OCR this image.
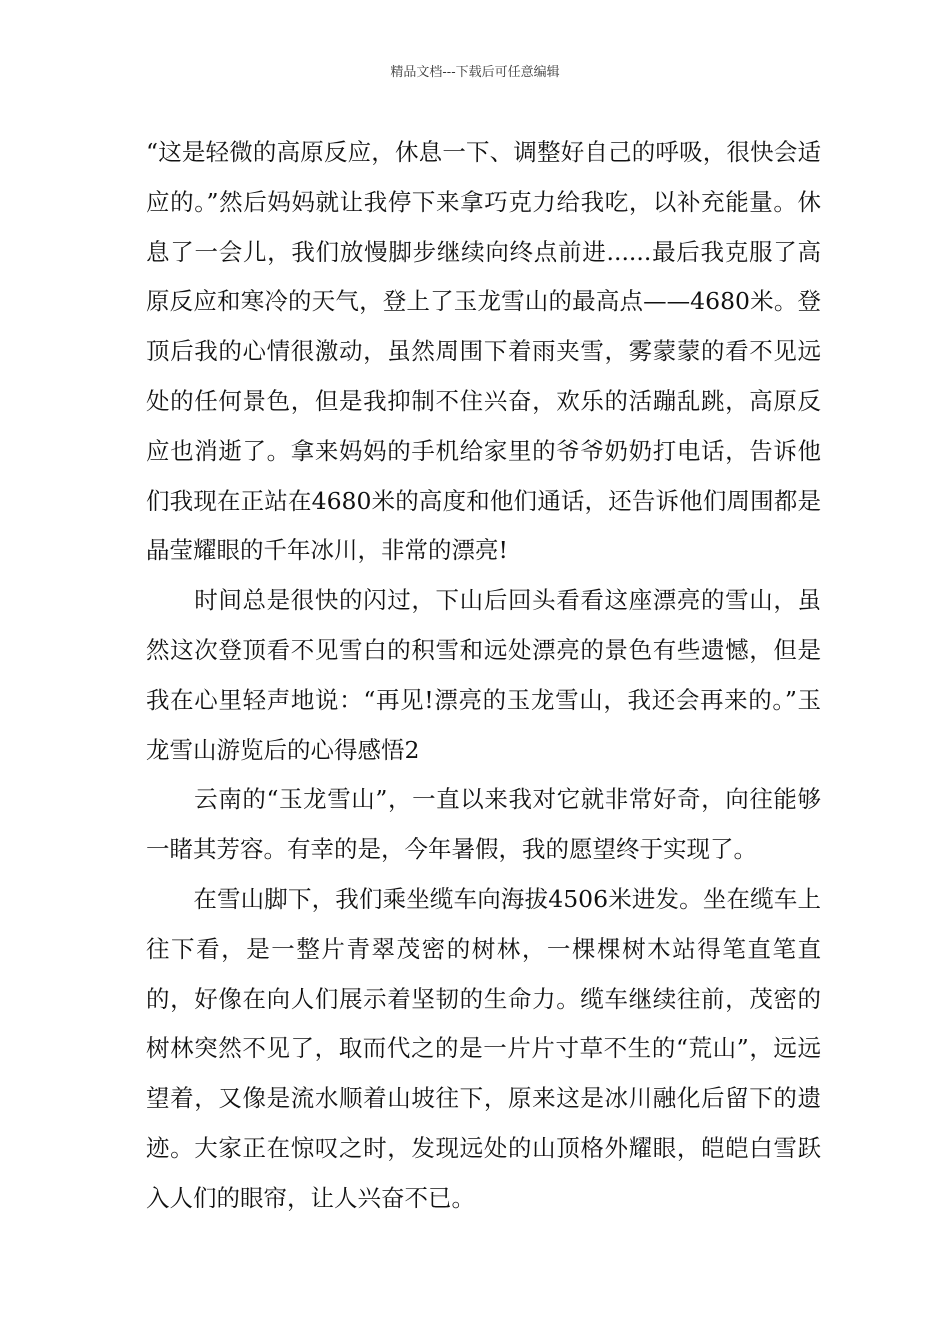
精品文档---下载后可任意编辑

“这是轻微的高原反应，休息一下、调整好自己的呼吸，很快会适应的。”然后妈妈就让我停下来拿巧克力给我吃，以补充能量。休息了一会儿，我们放慢脚步继续向终点前进......最后我克服了高原反应和寒冷的天气，登上了玉龙雪山的最高点——4680米。登顶后我的心情很激动，虽然周围下着雨夹雪，雾蒙蒙的看不见远处的任何景色，但是我抑制不住兴奋，欢乐的活蹦乱跳，高原反应也消逝了。拿来妈妈的手机给家里的爷爷奶奶打电话，告诉他们我现在正站在4680米的高度和他们通话，还告诉他们周围都是晶莹耀眼的千年冰川，非常的漂亮!

　　时间总是很快的闪过，下山后回头看看这座漂亮的雪山，虽然这次登顶看不见雪白的积雪和远处漂亮的景色有些遗憾，但是我在心里轻声地说：“再见!漂亮的玉龙雪山，我还会再来的。”玉龙雪山游览后的心得感悟2

　　云南的“玉龙雪山”，一直以来我对它就非常好奇，向往能够一睹其芳容。有幸的是，今年暑假，我的愿望终于实现了。

　　在雪山脚下，我们乘坐缆车向海拔4506米进发。坐在缆车上往下看，是一整片青翠茂密的树林，一棵棵树木站得笔直笔直的，好像在向人们展示着坚韧的生命力。缆车继续往前，茂密的树林突然不见了，取而代之的是一片片寸草不生的“荒山”，远远望着，又像是流水顺着山坡往下，原来这是冰川融化后留下的遗迹。大家正在惊叹之时，发现远处的山顶格外耀眼，皑皑白雪跃入人们的眼帘，让人兴奋不已。
